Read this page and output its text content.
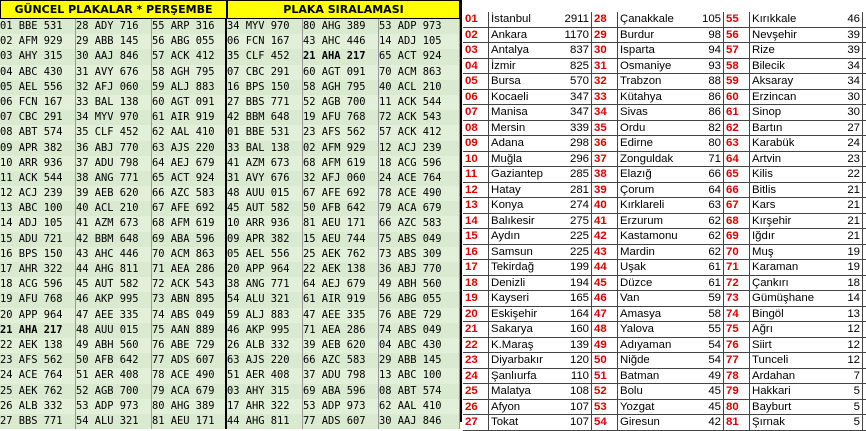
GÜNCEL PLAKALAR * PERŞEMBE	PLAKA SIRALAMASI
01 BBE 531	28 ADY 716	55 ARP 316	34 MYV 970	80 AHG 389	53 ADP 973
02 AFM 929	29 ABB 145	56 ABG 055	06 FCN 167	43 AHC 446	14 ADJ 105
03 AHY 315	30 AAJ 846	57 ACK 412	35 CLF 452	21 AHA 217	65 ACT 924
04 ABC 430	31 AVY 676	58 AGH 795	07 CBC 291	60 AGT 091	70 ACM 863
05 AEL 556	32 AFJ 060	59 ALJ 883	16 BPS 150	58 AGH 795	40 ACL 210
06 FCN 167	33 BAL 138	60 AGT 091	27 BBS 771	52 AGB 700	11 ACK 544
07 CBC 291	34 MYV 970	61 AIR 919	42 BBM 648	19 AFU 768	72 ACK 543
08 ABT 574	35 CLF 452	62 AAL 410	01 BBE 531	23 AFS 562	57 ACK 412
09 APR 382	36 ABJ 770	63 AJS 220	33 BAL 138	02 AFM 929	12 ACJ 239
10 ARR 936	37 ADU 798	64 AEJ 679	41 AZM 673	68 AFM 619	18 ACG 596
11 ACK 544	38 ANG 771	65 ACT 924	31 AVY 676	32 AFJ 060	24 ACE 764
12 ACJ 239	39 AEB 620	66 AZC 583	48 AUU 015	67 AFE 692	78 ACE 490
13 ABC 100	40 ACL 210	67 AFE 692	45 AUT 582	50 AFB 642	79 ACA 679
14 ADJ 105	41 AZM 673	68 AFM 619	10 ARR 936	81 AEU 171	66 AZC 583
15 ADU 721	42 BBM 648	69 ABA 596	09 APR 382	15 AEU 744	75 ABS 049
16 BPS 150	43 AHC 446	70 ACM 863	05 AEL 556	25 AEK 762	73 ABS 309
17 AHR 322	44 AHG 811	71 AEA 286	20 APP 964	22 AEK 138	36 ABJ 770
18 ACG 596	45 AUT 582	72 ACK 543	38 ANG 771	64 AEJ 679	49 ABH 560
19 AFU 768	46 AKP 995	73 ABN 895	54 ALU 321	61 AIR 919	56 ABG 055
20 APP 964	47 AEE 335	74 ABS 049	59 ALJ 883	47 AEE 335	76 ABE 729
21 AHA 217	48 AUU 015	75 AAN 889	46 AKP 995	71 AEA 286	74 ABS 049
22 AEK 138	49 ABH 560	76 ABE 729	26 ALB 332	39 AEB 620	04 ABC 430
23 AFS 562	50 AFB 642	77 ADS 607	63 AJS 220	66 AZC 583	29 ABB 145
24 ACE 764	51 AER 408	78 ACE 490	51 AER 408	37 ADU 798	13 ABC 100
25 AEK 762	52 AGB 700	79 ACA 679	03 AHY 315	69 ABA 596	08 ABT 574
26 ALB 332	53 ADP 973	80 AHG 389	17 AHR 322	53 ADP 973	62 AAL 410
27 BBS 771	54 ALU 321	81 AEU 171	44 AHG 811	77 ADS 607	30 AAJ 846
01	İstanbul	2911 28	Çanakkale	105 55	Kırıkkale	46
02	Ankara	1170 29	Burdur	98 56	Nevşehir	39
03	Antalya	837 30	Isparta	94 57	Rize	39
04	İzmir	825 31	Osmaniye	93 58	Bilecik	34
05	Bursa	570 32	Trabzon	88 59	Aksaray	34
06	Kocaeli	347 33	Kütahya	86 60	Erzincan	30
07	Manisa	347 34	Sivas	86 61	Sinop	30
08	Mersin	339 35	Ordu	82 62	Bartın	27
09	Adana	298 36	Edirne	80 63	Karabük	24
10	Muğla	296 37	Zonguldak	71 64	Artvin	23
11	Gaziantep	285 38	Elazığ	66 65	Kilis	22
12	Hatay	281 39	Çorum	64 66	Bitlis	21
13	Konya	274 40	Kırklareli	63 67	Kars	21
14	Balıkesir	275 41	Erzurum	62 68	Kırşehir	21
15	Aydın	225 42	Kastamonu	62 69	Iğdır	21
16	Samsun	225 43	Mardin	62 70	Muş	19
17	Tekirdağ	199 44	Uşak	61 71	Karaman	19
18	Denizli	194 45	Düzce	61 72	Çankırı	18
19	Kayseri	165 46	Van	59 73	Gümüşhane	14
20	Eskişehir	164 47	Amasya	58 74	Bingöl	13
21	Sakarya	160 48	Yalova	55 75	Ağrı	12
22	K.Maraş	139 49	Adıyaman	54 76	Siirt	12
23	Diyarbakır	120 50	Niğde	54 77	Tunceli	12
24	Şanlıurfa	110 51	Batman	49 78	Ardahan	7
25	Malatya	108 52	Bolu	45 79	Hakkari	5
26	Afyon	107 53	Yozgat	45 80	Bayburt	5
27	Tokat	107 54	Giresun	42 81	Şırnak	5
